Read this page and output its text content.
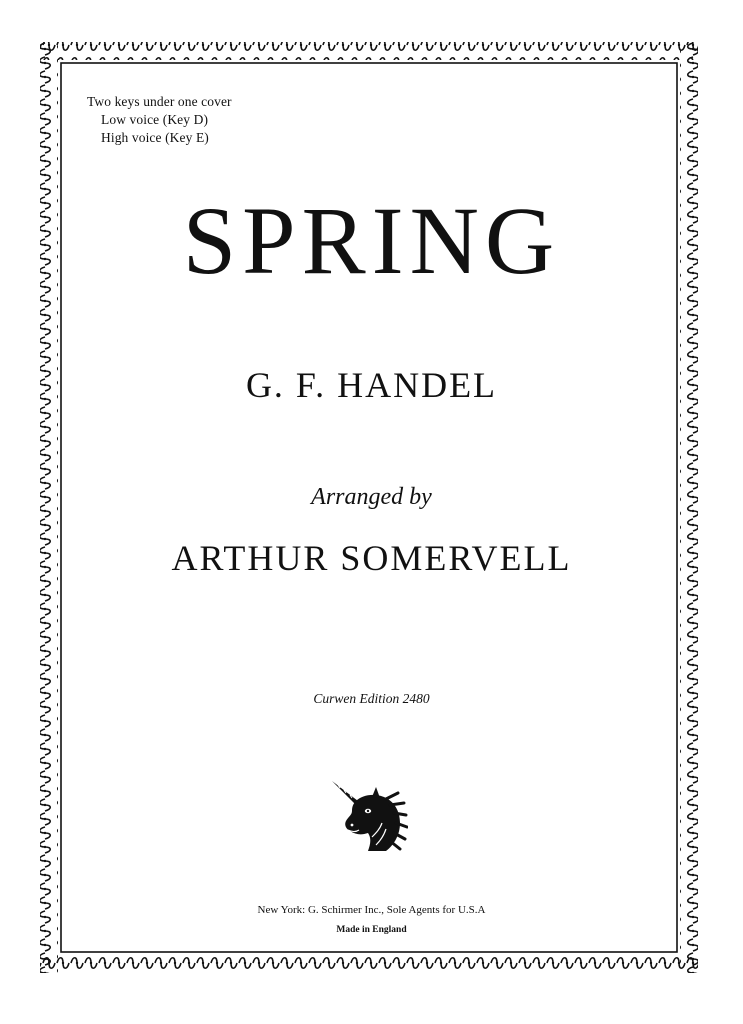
Two keys under one cover
Low voice (Key D)
High voice (Key E)
SPRING
G. F. HANDEL
Arranged by
ARTHUR SOMERVELL
Curwen Edition 2480
New York: G. Schirmer Inc., Sole Agents for U.S.A
Made in England
